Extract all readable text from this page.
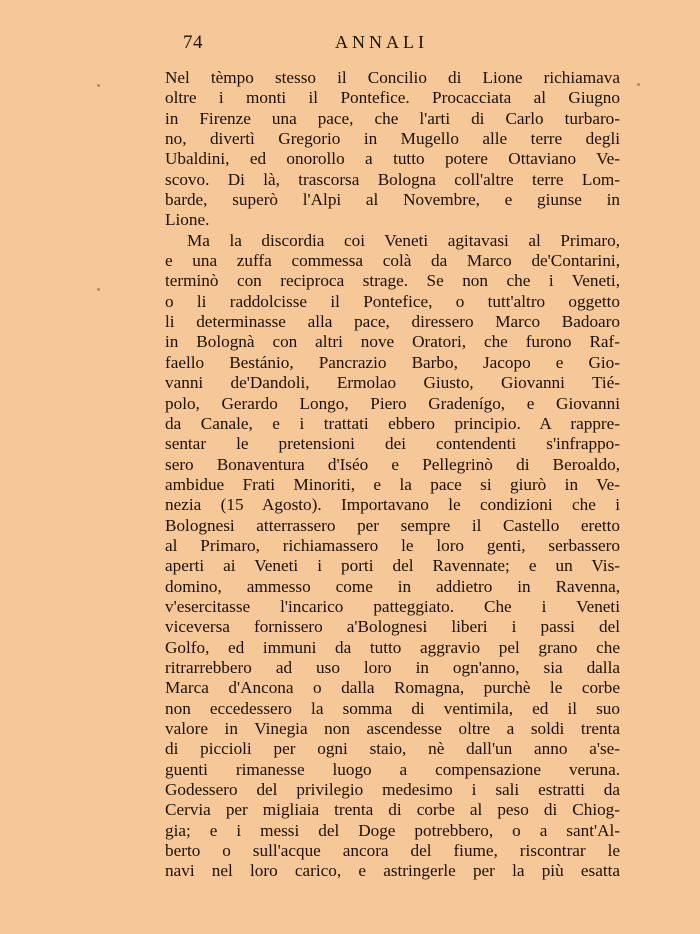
74	ANNALI
Nel tèmpo stesso il Concilio di Lione richiamava
oltre i monti il Pontefice. Procacciata al Giugno
in Firenze una pace, che l'arti di Carlo turbaro-
no, divertì Gregorio in Mugello alle terre degli
Ubaldini, ed onorollo a tutto potere Ottaviano Ve-
scovo. Di là, trascorsa Bologna coll'altre terre Lom-
barde, superò l'Alpi al Novembre, e giunse in
Lione.
Ma la discordia coi Veneti agitavasi al Primaro,
e una zuffa commessa colà da Marco de'Contarini,
terminò con reciproca strage. Se non che i Veneti,
o li raddolcisse il Pontefice, o tutt'altro oggetto
li determinasse alla pace, diressero Marco Badoaro
in Bolognà con altri nove Oratori, che furono Raf-
faello Bestánio, Pancrazio Barbo, Jacopo e Gio-
vanni de'Dandoli, Ermolao Giusto, Giovanni Tié-
polo, Gerardo Longo, Piero Gradenígo, e Giovanni
da Canale, e i trattati ebbero principio. A rappre-
sentar le pretensioni dei contendenti s'infrappo-
sero Bonaventura d'Iséo e Pellegrinò di Beroaldo,
ambidue Frati Minoriti, e la pace si giurò in Ve-
nezia (15 Agosto). Importavano le condizioni che i
Bolognesi atterrassero per sempre il Castello eretto
al Primaro, richiamassero le loro genti, serbassero
aperti ai Veneti i porti del Ravennate; e un Vis-
domino, ammesso come in addietro in Ravenna,
v'esercitasse l'incarico patteggiato. Che i Veneti
viceversa fornissero a'Bolognesi liberi i passi del
Golfo, ed immuni da tutto aggravio pel grano che
ritrarrebbero ad uso loro in ogn'anno, sia dalla
Marca d'Ancona o dalla Romagna, purchè le corbe
non eccedessero la somma di ventimila, ed il suo
valore in Vinegia non ascendesse oltre a soldi trenta
di piccioli per ogni staio, nè dall'un anno a'se-
guenti rimanesse luogo a compensazione veruna.
Godessero del privilegio medesimo i sali estratti da
Cervia per migliaia trenta di corbe al peso di Chiog-
gia; e i messi del Doge potrebbero, o a sant'Al-
berto o sull'acque ancora del fiume, riscontrar le
navi nel loro carico, e astringerle per la più esatta
